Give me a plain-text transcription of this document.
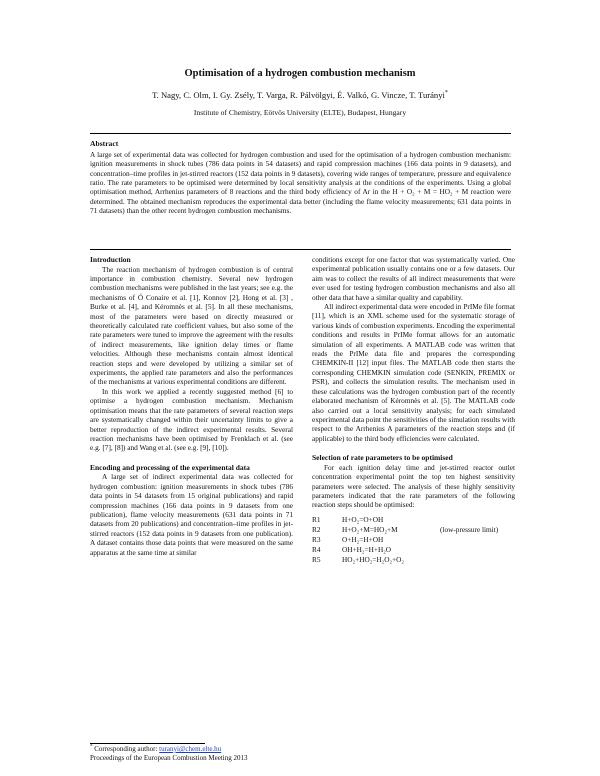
Optimisation of a hydrogen combustion mechanism
T. Nagy, C. Olm, I. Gy. Zsély, T. Varga, R. Pálvölgyi, É. Valkó, G. Vincze, T. Turányi*
Institute of Chemistry, Eötvös University (ELTE), Budapest, Hungary
Abstract

A large set of experimental data was collected for hydrogen combustion and used for the optimisation of a hydrogen combustion mechanism: ignition measurements in shock tubes (786 data points in 54 datasets) and rapid compression machines (166 data points in 9 datasets), and concentration–time profiles in jet-stirred reactors (152 data points in 9 datasets), covering wide ranges of temperature, pressure and equivalence ratio. The rate parameters to be optimised were determined by local sensitivity analysis at the conditions of the experiments. Using a global optimisation method, Arrhenius parameters of 8 reactions and the third body efficiency of Ar in the H + O₂ + M = HO₂ + M reaction were determined. The obtained mechanism reproduces the experimental data better (including the flame velocity measurements; 631 data points in 71 datasets) than the other recent hydrogen combustion mechanisms.

Introduction

The reaction mechanism of hydrogen combustion is of central importance in combustion chemistry. Several new hydrogen combustion mechanisms were published in the last years; see e.g. the mechanisms of Ó Conaire et al. [1], Konnov [2], Hong et al. [3] , Burke et al. [4], and Kéromnès et al. [5]. In all these mechanisms, most of the parameters were based on directly measured or theoretically calculated rate coefficient values, but also some of the rate parameters were tuned to improve the agreement with the results of indirect measurements, like ignition delay times or flame velocities. Although these mechanisms contain almost identical reaction steps and were developed by utilizing a similar set of experiments, the applied rate parameters and also the performances of the mechanisms at various experimental conditions are different.

In this work we applied a recently suggested method [6] to optimise a hydrogen combustion mechanism. Mechanism optimisation means that the rate parameters of several reaction steps are systematically changed within their uncertainty limits to give a better reproduction of the indirect experimental results. Several reaction mechanisms have been optimised by Frenklach et al. (see e.g. [7], [8]) and Wang et al. (see e.g. [9], [10]).

Encoding and processing of the experimental data

A large set of indirect experimental data was collected for hydrogen combustion: ignition measurements in shock tubes (786 data points in 54 datasets from 15 original publications) and rapid compression machines (166 data points in 9 datasets from one publication), flame velocity measurements (631 data points in 71 datasets from 20 publications) and concentration–time profiles in jet-stirred reactors (152 data points in 9 datasets from one publication). A dataset contains those data points that were measured on the same apparatus at the same time at similar

conditions except for one factor that was systematically varied. One experimental publication usually contains one or a few datasets. Our aim was to collect the results of all indirect measurements that were ever used for testing hydrogen combustion mechanisms and also all other data that have a similar quality and capability.

All indirect experimental data were encoded in PrIMe file format [11], which is an XML scheme used for the systematic storage of various kinds of combustion experiments. Encoding the experimental conditions and results in PrIMe format allows for an automatic simulation of all experiments. A MATLAB code was written that reads the PrIMe data file and prepares the corresponding CHEMKIN-II [12] input files. The MATLAB code then starts the corresponding CHEMKIN simulation code (SENKIN, PREMIX or PSR), and collects the simulation results. The mechanism used in these calculations was the hydrogen combustion part of the recently elaborated mechanism of Kéromnès et al. [5]. The MATLAB code also carried out a local sensitivity analysis; for each simulated experimental data point the sensitivities of the simulation results with respect to the Arrhenius A parameters of the reaction steps and (if applicable) to the third body efficiencies were calculated.

Selection of rate parameters to be optimised

For each ignition delay time and jet-stirred reactor outlet concentration experimental point the top ten highest sensitivity parameters were selected. The analysis of these highly sensitivity parameters indicated that the rate parameters of the following reaction steps should be optimised:

R1	H+O₂=O+OH
R2	H+O₂+M=HO₂+M	(low-pressure limit)
R3	O+H₂=H+OH
R4	OH+H₂=H+H₂O
R5	HO₂+HO₂=H₂O₂+O₂
* Corresponding author: turanyi@chem.elte.hu
Proceedings of the European Combustion Meeting 2013
